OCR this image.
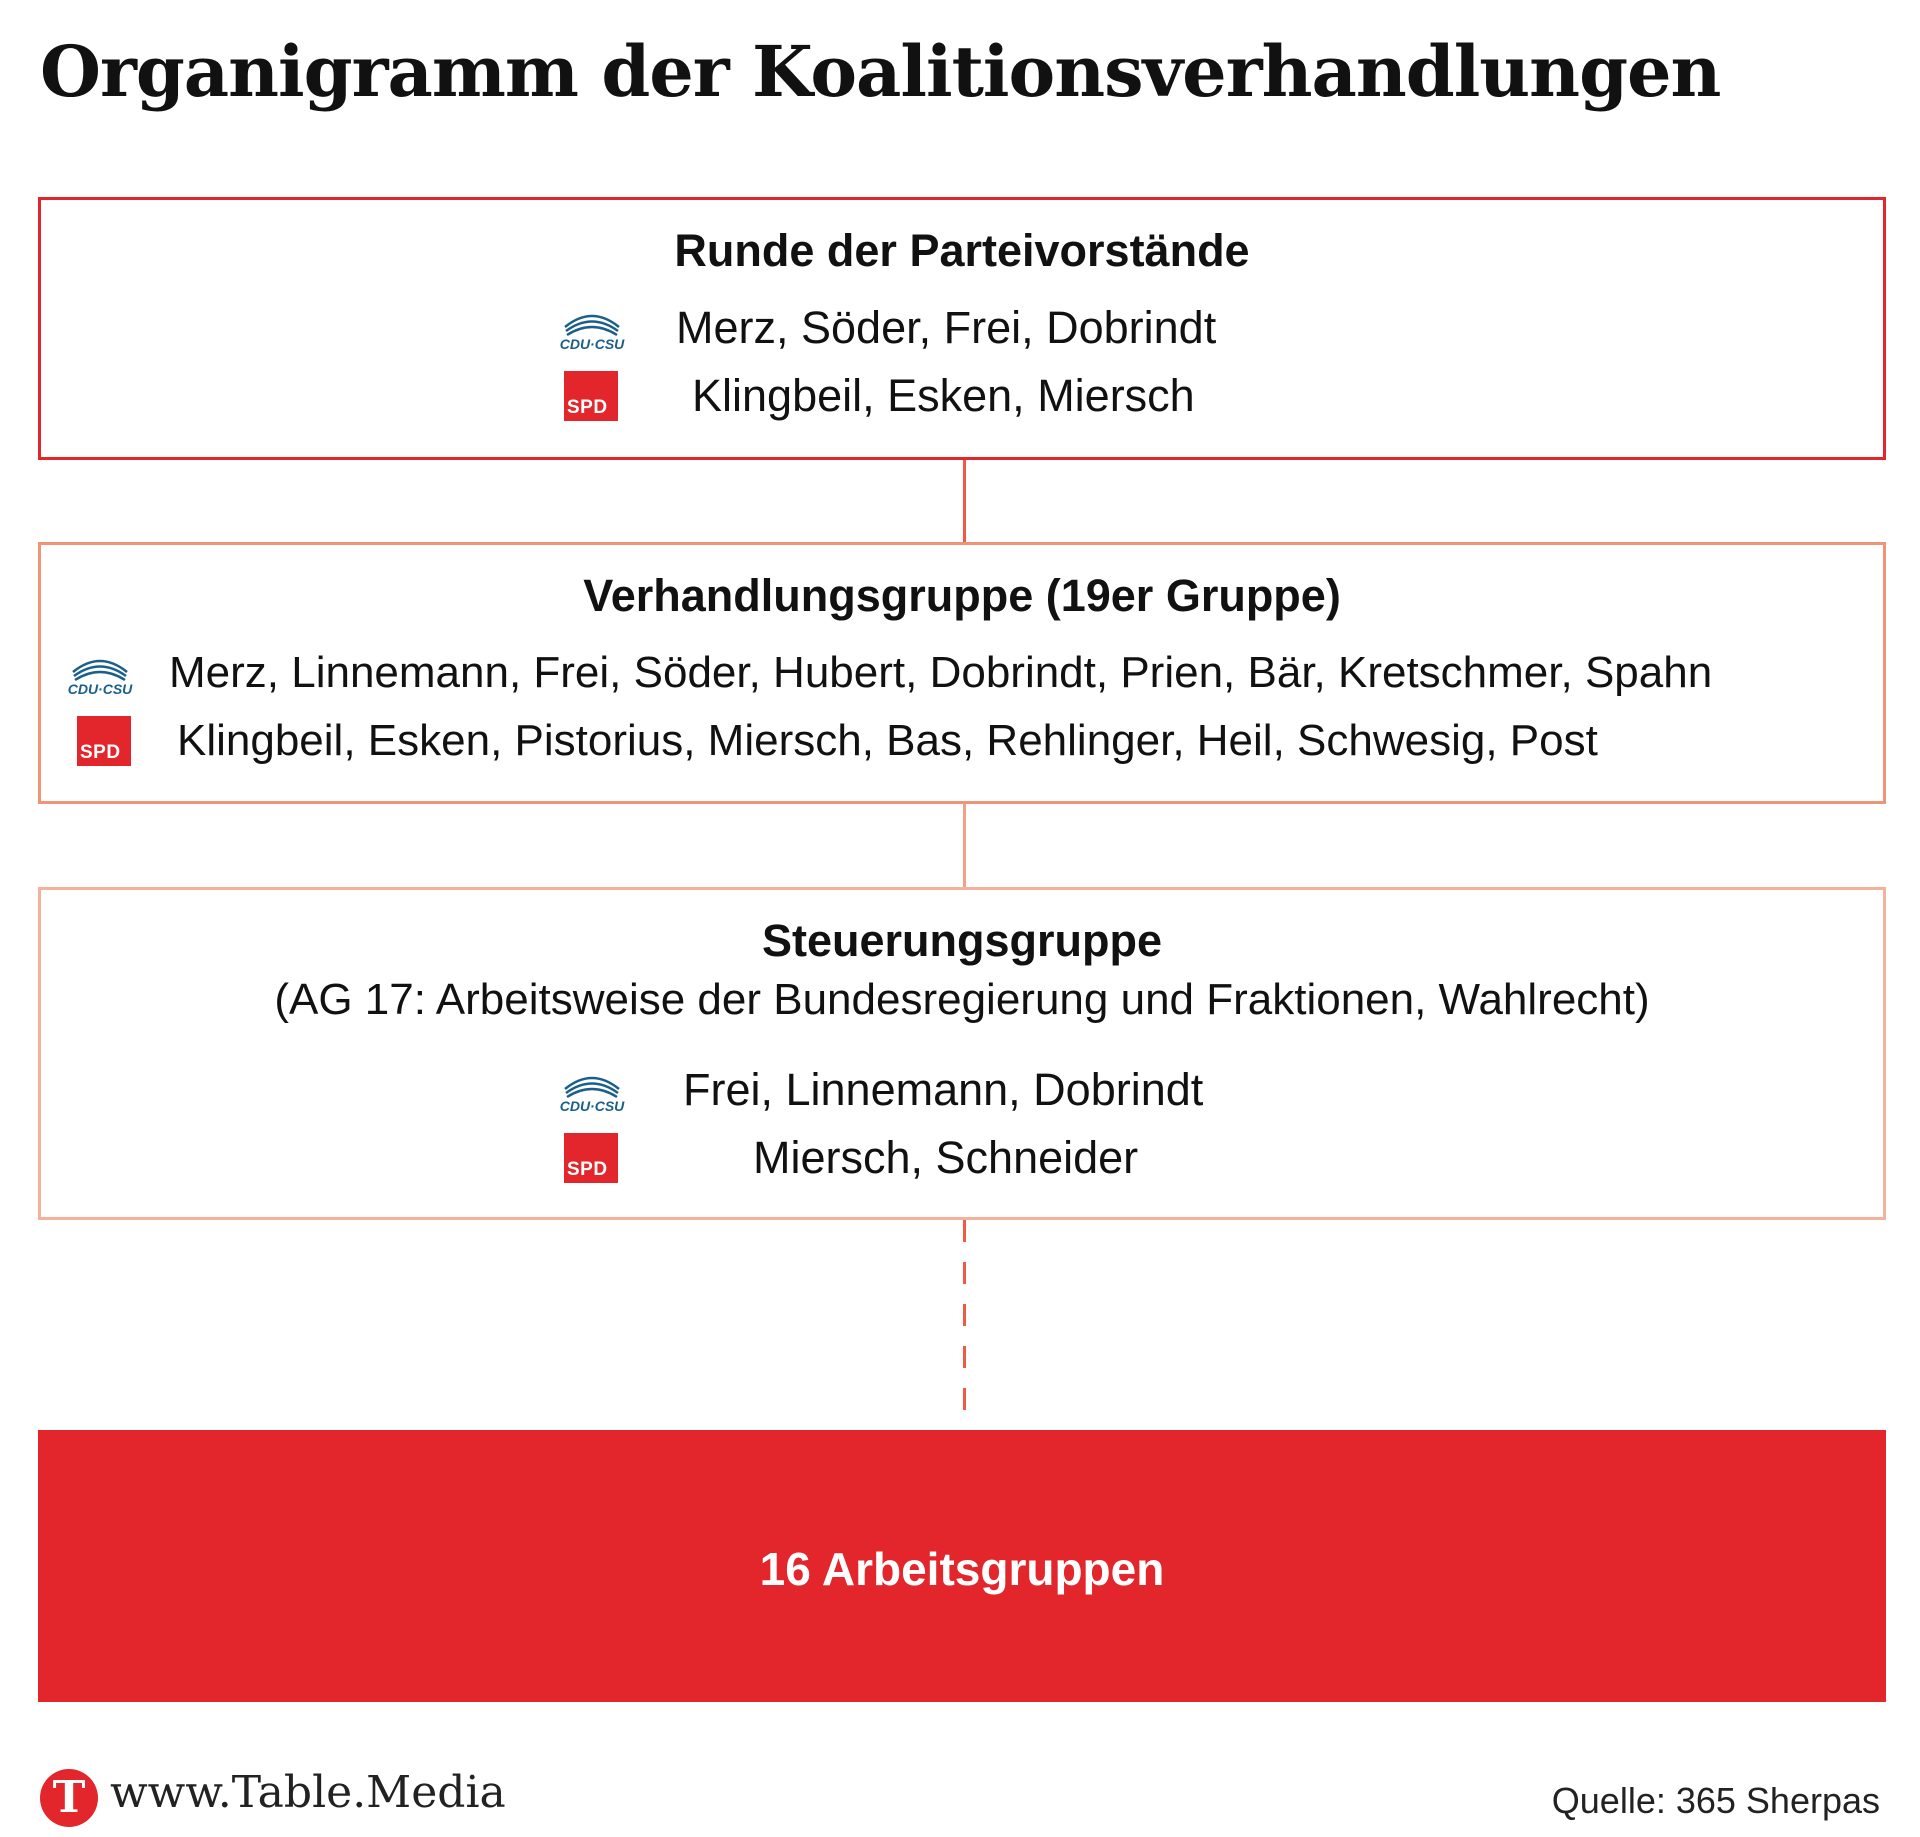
Organigramm der Koalitionsverhandlungen
Runde der Parteivorstände
CDU·CSU Merz, Söder, Frei, Dobrindt
SPD Klingbeil, Esken, Miersch
Verhandlungsgruppe (19er Gruppe)
CDU·CSU Merz, Linnemann, Frei, Söder, Hubert, Dobrindt, Prien, Bär, Kretschmer, Spahn
SPD Klingbeil, Esken, Pistorius, Miersch, Bas, Rehlinger, Heil, Schwesig, Post
Steuerungsgruppe
(AG 17: Arbeitsweise der Bundesregierung und Fraktionen, Wahlrecht)
CDU·CSU Frei, Linnemann, Dobrindt
SPD	Miersch, Schneider
16 Arbeitsgruppen
T www.Table.Media	Quelle: 365 Sherpas
